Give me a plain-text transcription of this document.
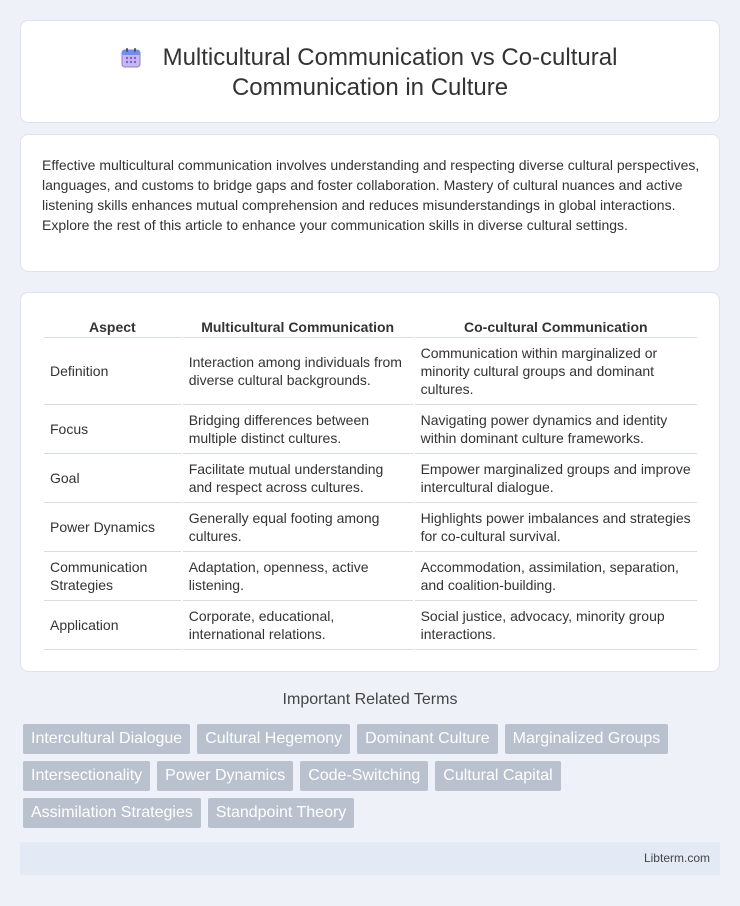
Multicultural Communication vs Co-cultural
Communication in Culture

Effective multicultural communication involves understanding and respecting diverse cultural perspectives, languages, and customs to bridge gaps and foster collaboration. Mastery of cultural nuances and active listening skills enhances mutual comprehension and reduces misunderstandings in global interactions. Explore the rest of this article to enhance your communication skills in diverse cultural settings.

Aspect	Multicultural Communication	Co-cultural Communication
Definition	Interaction among individuals from diverse cultural backgrounds.	Communication within marginalized or minority cultural groups and dominant cultures.
Focus	Bridging differences between multiple distinct cultures.	Navigating power dynamics and identity within dominant culture frameworks.
Goal	Facilitate mutual understanding and respect across cultures.	Empower marginalized groups and improve intercultural dialogue.
Power Dynamics	Generally equal footing among cultures.	Highlights power imbalances and strategies for co-cultural survival.
Communication Strategies	Adaptation, openness, active listening.	Accommodation, assimilation, separation, and coalition-building.
Application	Corporate, educational, international relations.	Social justice, advocacy, minority group interactions.
Important Related Terms
Intercultural Dialogue	Cultural Hegemony	Dominant Culture	Marginalized Groups
Intersectionality	Power Dynamics	Code-Switching	Cultural Capital
Assimilation Strategies	Standpoint Theory
Libterm.com
